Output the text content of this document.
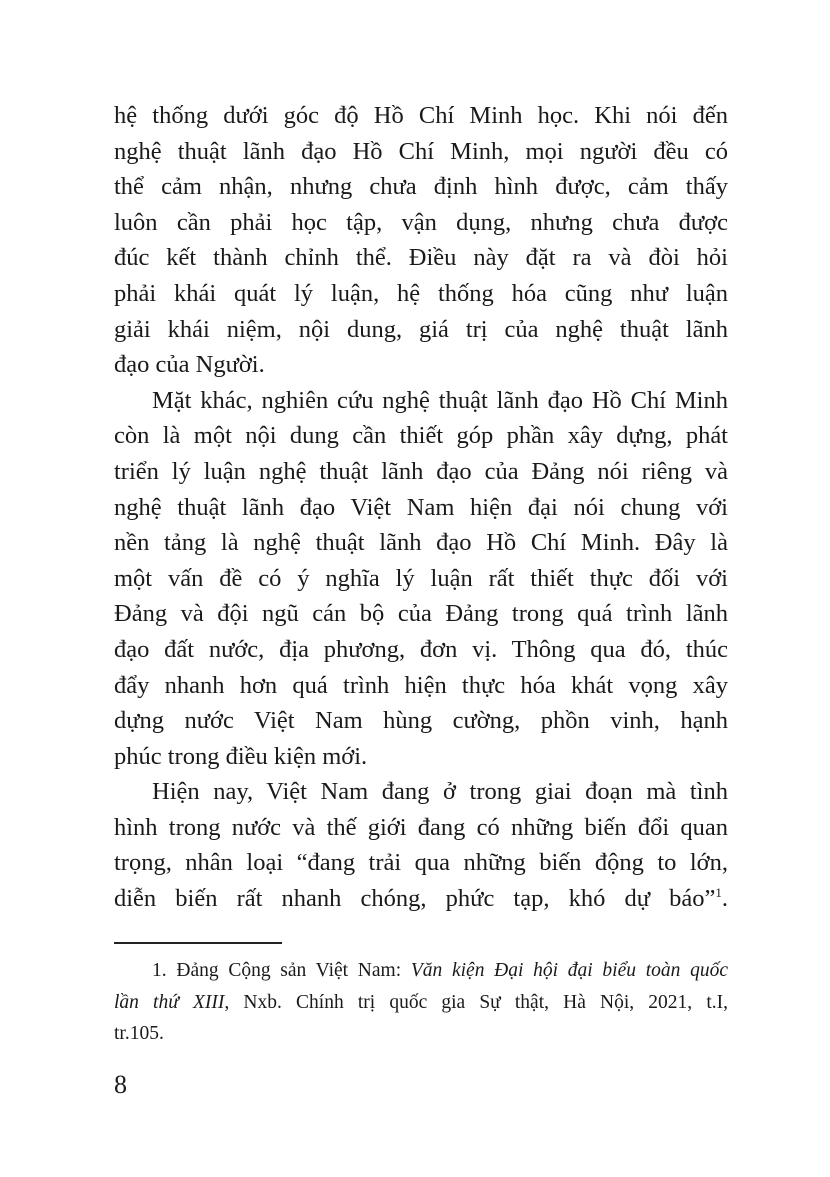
hệ thống dưới góc độ Hồ Chí Minh học. Khi nói đến
nghệ thuật lãnh đạo Hồ Chí Minh, mọi người đều có
thể cảm nhận, nhưng chưa định hình được, cảm thấy
luôn cần phải học tập, vận dụng, nhưng chưa được
đúc kết thành chỉnh thể. Điều này đặt ra và đòi hỏi
phải khái quát lý luận, hệ thống hóa cũng như luận
giải khái niệm, nội dung, giá trị của nghệ thuật lãnh
đạo của Người.
Mặt khác, nghiên cứu nghệ thuật lãnh đạo Hồ Chí Minh
còn là một nội dung cần thiết góp phần xây dựng, phát
triển lý luận nghệ thuật lãnh đạo của Đảng nói riêng và
nghệ thuật lãnh đạo Việt Nam hiện đại nói chung với
nền tảng là nghệ thuật lãnh đạo Hồ Chí Minh. Đây là
một vấn đề có ý nghĩa lý luận rất thiết thực đối với
Đảng và đội ngũ cán bộ của Đảng trong quá trình lãnh
đạo đất nước, địa phương, đơn vị. Thông qua đó, thúc
đẩy nhanh hơn quá trình hiện thực hóa khát vọng xây
dựng nước Việt Nam hùng cường, phồn vinh, hạnh
phúc trong điều kiện mới.
Hiện nay, Việt Nam đang ở trong giai đoạn mà tình
hình trong nước và thế giới đang có những biến đổi quan
trọng, nhân loại “đang trải qua những biến động to lớn,
diễn biến rất nhanh chóng, phức tạp, khó dự báo”$^1$.
1. Đảng Cộng sản Việt Nam: Văn kiện Đại hội đại biểu toàn quốc
lần thứ XIII, Nxb. Chính trị quốc gia Sự thật, Hà Nội, 2021, t.I,
tr.105.
8
